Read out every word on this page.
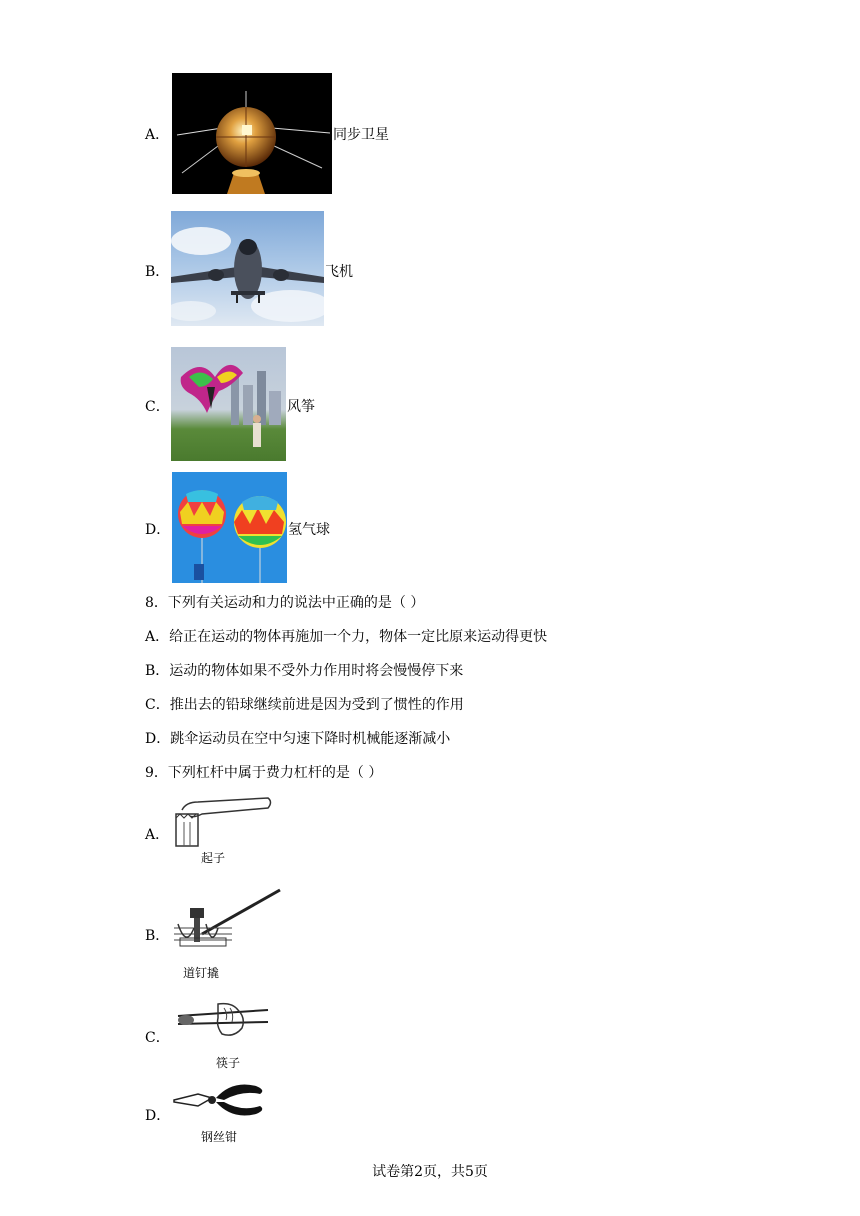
A．	同步卫星
B．	飞机
C．	风筝
D．	氢气球
8．下列有关运动和力的说法中正确的是（ ）
A．给正在运动的物体再施加一个力，物体一定比原来运动得更快
B．运动的物体如果不受外力作用时将会慢慢停下来
C．推出去的铅球继续前进是因为受到了惯性的作用
D．跳伞运动员在空中匀速下降时机械能逐渐减小
9．下列杠杆中属于费力杠杆的是（ ）
A．
起子
B．
道钉撬
C．
筷子
D．
钢丝钳
试卷第2页，共5页
